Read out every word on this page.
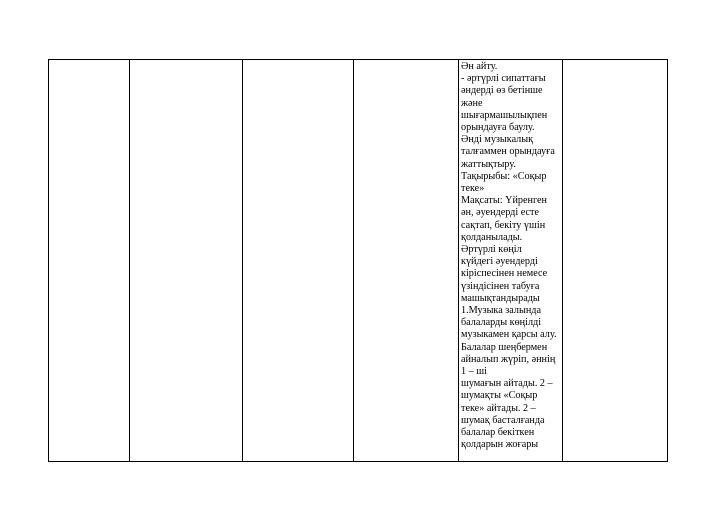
Ән айту.
- әртүрлі сипаттағы
әндерді өз бетінше
және
шығармашылықпен
орындауға баулу.
Әнді музыкалық
талғаммен орындауға
жаттықтыру.
Тақырыбы: «Соқыр
теке»
Мақсаты: Үйренген
ән, әуендерді есте
сақтап, бекіту үшін
қолданылады.
Әртүрлі көңіл
күйдегі әуендерді
кіріспесінен немесе
үзіндісінен табуға
машықтандырады
1.Музыка залында
балаларды көңілді
музыкамен қарсы алу.
Балалар шеңбермен
айналып жүріп, әннің
1 – ші
шумағын айтады. 2 –
шумақты «Соқыр
теке» айтады. 2 –
шумақ басталғанда
балалар бекіткен
қолдарын жоғары
